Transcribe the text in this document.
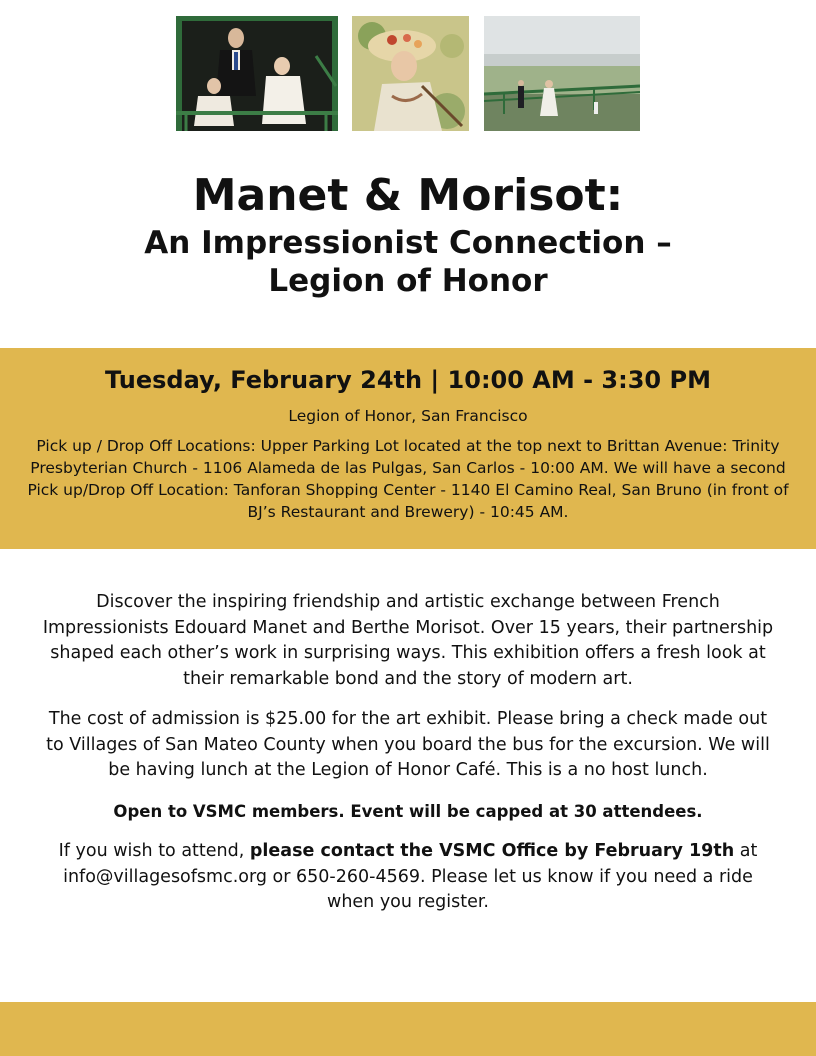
Manet & Morisot:
An Impressionist Connection –
Legion of Honor
Tuesday, February 24th | 10:00 AM - 3:30 PM
Legion of Honor, San Francisco
Pick up / Drop Off Locations: Upper Parking Lot located at the top next to Brittan Avenue: Trinity Presbyterian Church - 1106 Alameda de las Pulgas, San Carlos - 10:00 AM. We will have a second Pick up/Drop Off Location: Tanforan Shopping Center - 1140 El Camino Real, San Bruno (in front of BJ’s Restaurant and Brewery) - 10:45 AM.

Discover the inspiring friendship and artistic exchange between French Impressionists Edouard Manet and Berthe Morisot. Over 15 years, their partnership shaped each other’s work in surprising ways. This exhibition offers a fresh look at their remarkable bond and the story of modern art.

The cost of admission is $25.00 for the art exhibit. Please bring a check made out to Villages of San Mateo County when you board the bus for the excursion. We will be having lunch at the Legion of Honor Café. This is a no host lunch.

Open to VSMC members. Event will be capped at 30 attendees.

If you wish to attend, please contact the VSMC Office by February 19th at info@villagesofsmc.org or 650-260-4569. Please let us know if you need a ride when you register.
